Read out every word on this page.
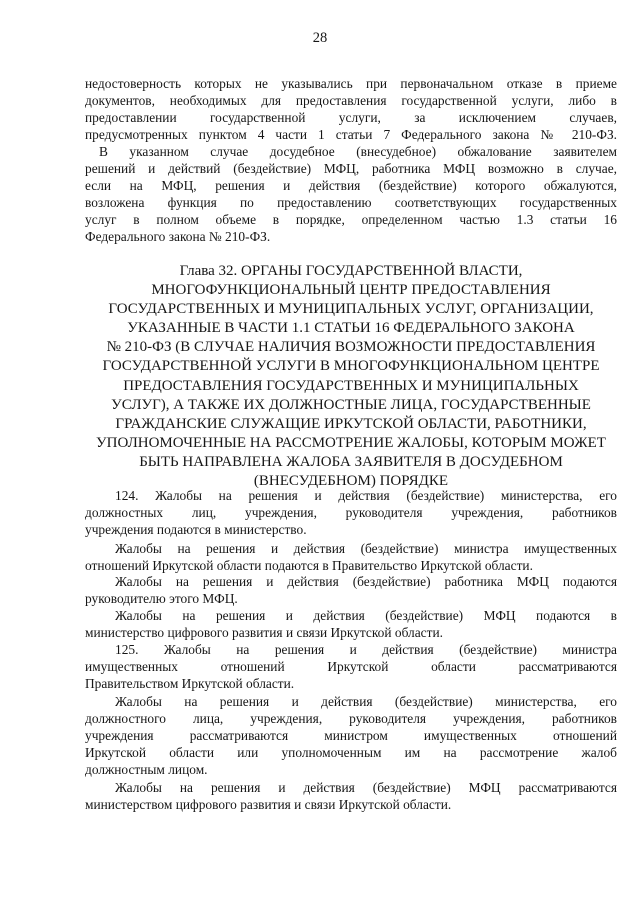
28
недостоверность которых не указывались при первоначальном отказе в приеме
документов, необходимых для предоставления государственной услуги, либо в
предоставлении государственной услуги, за исключением случаев,
предусмотренных пунктом 4 части 1 статьи 7 Федерального закона № 210-ФЗ.
В указанном случае досудебное (внесудебное) обжалование заявителем
решений и действий (бездействие) МФЦ, работника МФЦ возможно в случае,
если на МФЦ, решения и действия (бездействие) которого обжалуются,
возложена функция по предоставлению соответствующих государственных
услуг в полном объеме в порядке, определенном частью 1.3 статьи 16
Федерального закона № 210-ФЗ.
Глава 32. ОРГАНЫ ГОСУДАРСТВЕННОЙ ВЛАСТИ,
МНОГОФУНКЦИОНАЛЬНЫЙ ЦЕНТР ПРЕДОСТАВЛЕНИЯ
ГОСУДАРСТВЕННЫХ И МУНИЦИПАЛЬНЫХ УСЛУГ, ОРГАНИЗАЦИИ,
УКАЗАННЫЕ В ЧАСТИ 1.1 СТАТЬИ 16 ФЕДЕРАЛЬНОГО ЗАКОНА
№ 210-ФЗ (В СЛУЧАЕ НАЛИЧИЯ ВОЗМОЖНОСТИ ПРЕДОСТАВЛЕНИЯ
ГОСУДАРСТВЕННОЙ УСЛУГИ В МНОГОФУНКЦИОНАЛЬНОМ ЦЕНТРЕ
ПРЕДОСТАВЛЕНИЯ ГОСУДАРСТВЕННЫХ И МУНИЦИПАЛЬНЫХ
УСЛУГ), А ТАКЖЕ ИХ ДОЛЖНОСТНЫЕ ЛИЦА, ГОСУДАРСТВЕННЫЕ
ГРАЖДАНСКИЕ СЛУЖАЩИЕ ИРКУТСКОЙ ОБЛАСТИ, РАБОТНИКИ,
УПОЛНОМОЧЕННЫЕ НА РАССМОТРЕНИЕ ЖАЛОБЫ, КОТОРЫМ МОЖЕТ
БЫТЬ НАПРАВЛЕНА ЖАЛОБА ЗАЯВИТЕЛЯ В ДОСУДЕБНОМ
(ВНЕСУДЕБНОМ) ПОРЯДКЕ
124. Жалобы на решения и действия (бездействие) министерства, его
должностных лиц, учреждения, руководителя учреждения, работников
учреждения подаются в министерство.
Жалобы на решения и действия (бездействие) министра имущественных
отношений Иркутской области подаются в Правительство Иркутской области.
Жалобы на решения и действия (бездействие) работника МФЦ подаются
руководителю этого МФЦ.
Жалобы на решения и действия (бездействие) МФЦ подаются в
министерство цифрового развития и связи Иркутской области.
125. Жалобы на решения и действия (бездействие) министра
имущественных отношений Иркутской области рассматриваются
Правительством Иркутской области.
Жалобы на решения и действия (бездействие) министерства, его
должностного лица, учреждения, руководителя учреждения, работников
учреждения рассматриваются министром имущественных отношений
Иркутской области или уполномоченным им на рассмотрение жалоб
должностным лицом.
Жалобы на решения и действия (бездействие) МФЦ рассматриваются
министерством цифрового развития и связи Иркутской области.
